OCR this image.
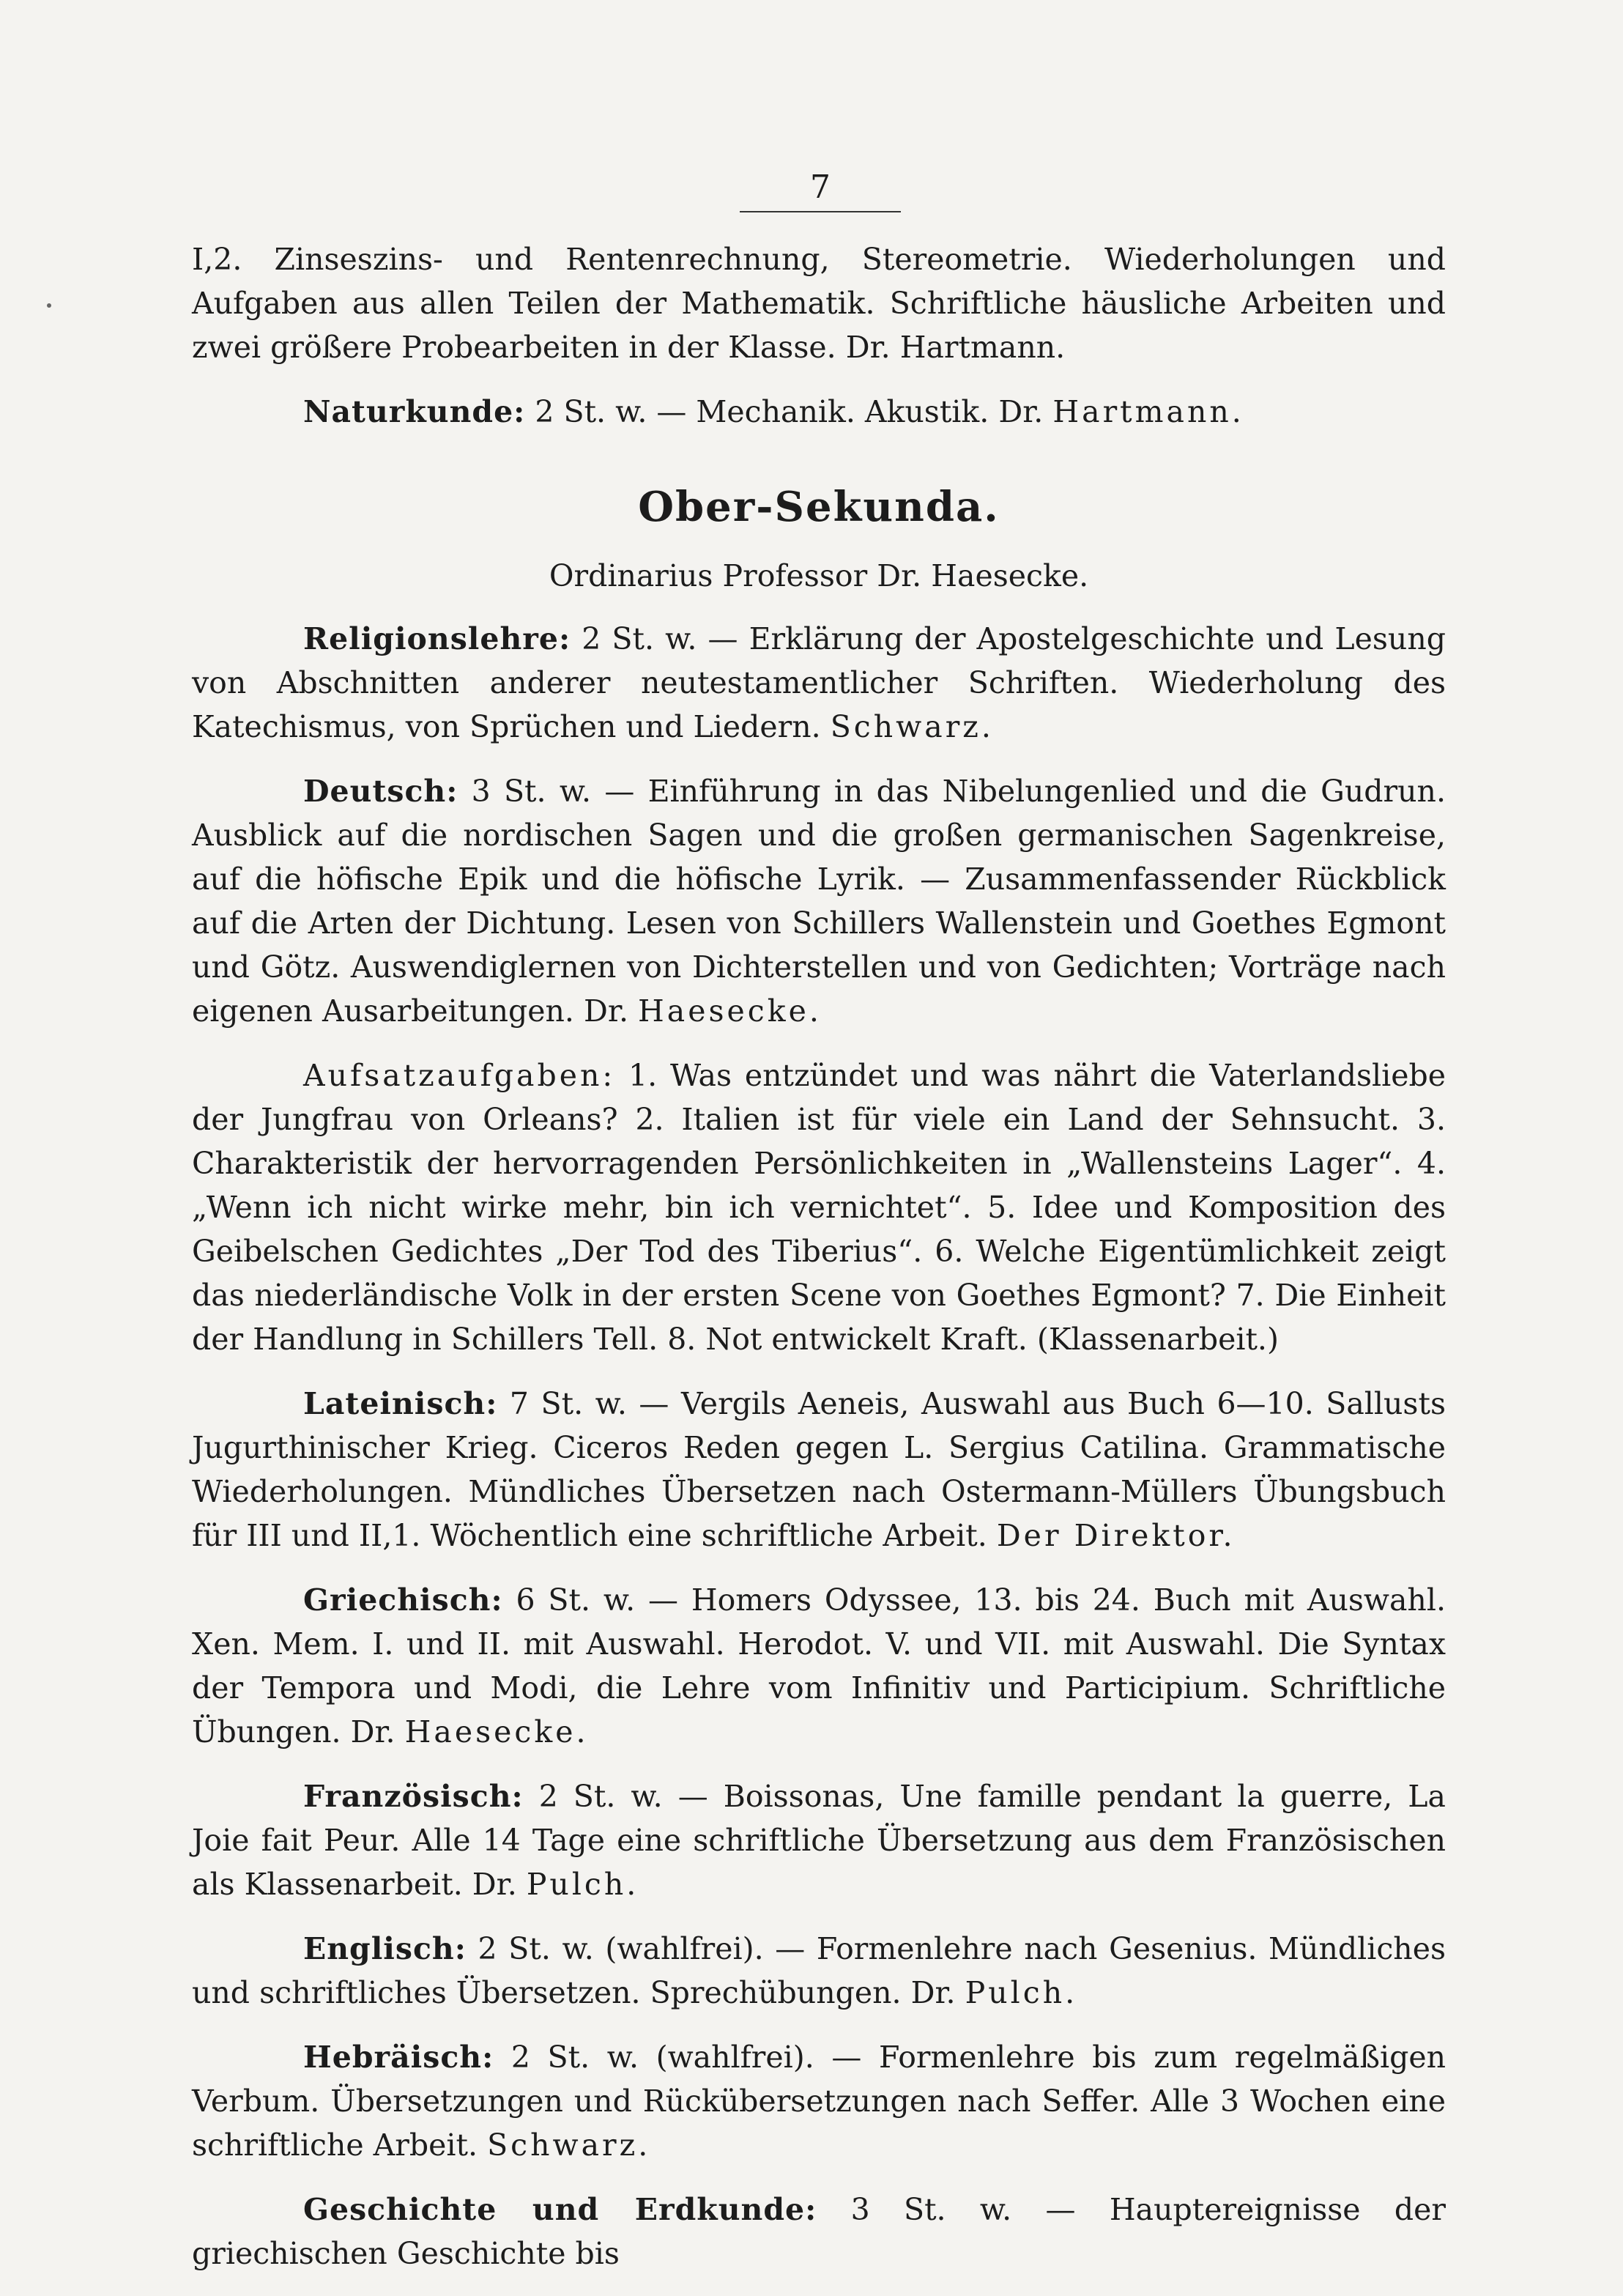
7

I,2. Zinseszins- und Rentenrechnung, Stereometrie. Wiederholungen und Aufgaben aus allen Teilen der Mathematik. Schriftliche häusliche Arbeiten und zwei größere Probearbeiten in der Klasse. Dr. Hartmann.

Naturkunde: 2 St. w. — Mechanik. Akustik. Dr. Hartmann.

Ober-Sekunda.
Ordinarius Professor Dr. Haesecke.

Religionslehre: 2 St. w. — Erklärung der Apostelgeschichte und Lesung von Abschnitten anderer neutestamentlicher Schriften. Wiederholung des Katechismus, von Sprüchen und Liedern. Schwarz.

Deutsch: 3 St. w. — Einführung in das Nibelungenlied und die Gudrun. Ausblick auf die nordischen Sagen und die großen germanischen Sagenkreise, auf die höfische Epik und die höfische Lyrik. — Zusammenfassender Rückblick auf die Arten der Dichtung. Lesen von Schillers Wallenstein und Goethes Egmont und Götz. Auswendiglernen von Dichterstellen und von Gedichten; Vorträge nach eigenen Ausarbeitungen. Dr. Haesecke.

Aufsatzaufgaben: 1. Was entzündet und was nährt die Vaterlandsliebe der Jungfrau von Orleans? 2. Italien ist für viele ein Land der Sehnsucht. 3. Charakteristik der hervorragenden Persönlichkeiten in „Wallensteins Lager“. 4. „Wenn ich nicht wirke mehr, bin ich vernichtet“. 5. Idee und Komposition des Geibelschen Gedichtes „Der Tod des Tiberius“. 6. Welche Eigentümlichkeit zeigt das niederländische Volk in der ersten Scene von Goethes Egmont? 7. Die Einheit der Handlung in Schillers Tell. 8. Not entwickelt Kraft. (Klassenarbeit.)

Lateinisch: 7 St. w. — Vergils Aeneis, Auswahl aus Buch 6—10. Sallusts Jugurthinischer Krieg. Ciceros Reden gegen L. Sergius Catilina. Grammatische Wiederholungen. Mündliches Übersetzen nach Ostermann-Müllers Übungsbuch für III und II,1. Wöchentlich eine schriftliche Arbeit. Der Direktor.

Griechisch: 6 St. w. — Homers Odyssee, 13. bis 24. Buch mit Auswahl. Xen. Mem. I. und II. mit Auswahl. Herodot. V. und VII. mit Auswahl. Die Syntax der Tempora und Modi, die Lehre vom Infinitiv und Participium. Schriftliche Übungen. Dr. Haesecke.

Französisch: 2 St. w. — Boissonas, Une famille pendant la guerre, La Joie fait Peur. Alle 14 Tage eine schriftliche Übersetzung aus dem Französischen als Klassenarbeit. Dr. Pulch.

Englisch: 2 St. w. (wahlfrei). — Formenlehre nach Gesenius. Mündliches und schriftliches Übersetzen. Sprechübungen. Dr. Pulch.

Hebräisch: 2 St. w. (wahlfrei). — Formenlehre bis zum regelmäßigen Verbum. Übersetzungen und Rückübersetzungen nach Seffer. Alle 3 Wochen eine schriftliche Arbeit. Schwarz.

Geschichte und Erdkunde: 3 St. w. — Hauptereignisse der griechischen Geschichte bis
